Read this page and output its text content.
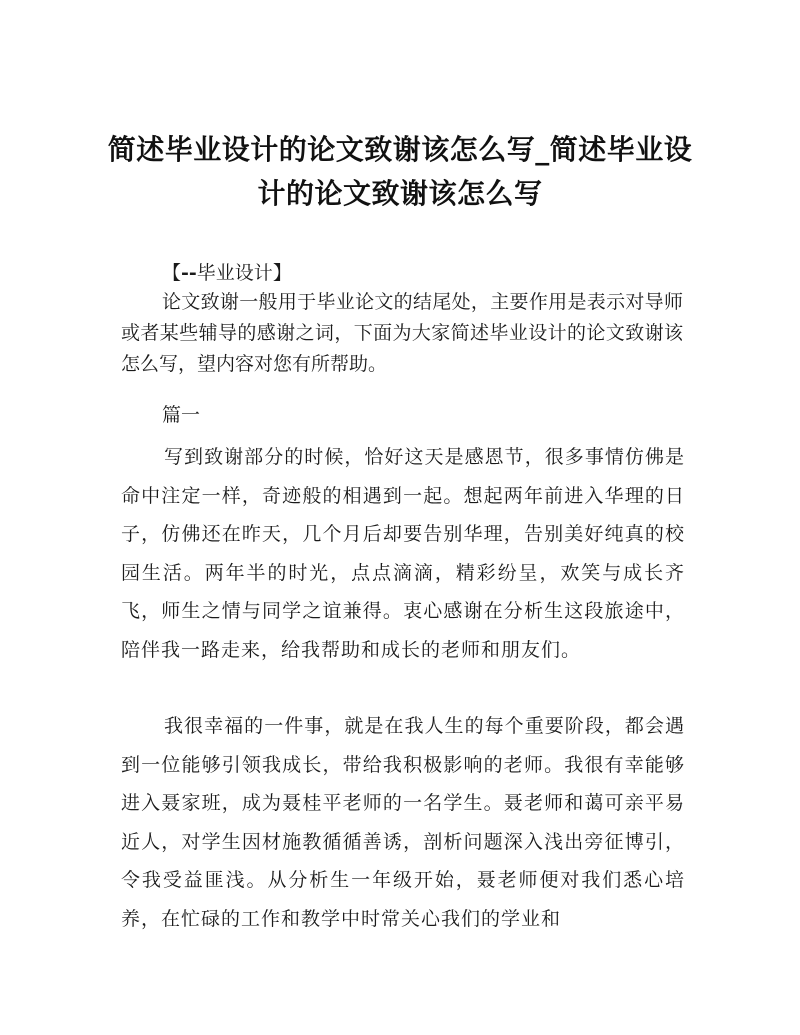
简述毕业设计的论文致谢该怎么写_简述毕业设计的论文致谢该怎么写
【--毕业设计】

论文致谢一般用于毕业论文的结尾处，主要作用是表示对导师或者某些辅导的感谢之词，下面为大家简述毕业设计的论文致谢该怎么写，望内容对您有所帮助。

篇一

写到致谢部分的时候，恰好这天是感恩节，很多事情仿佛是命中注定一样，奇迹般的相遇到一起。想起两年前进入华理的日子，仿佛还在昨天，几个月后却要告别华理，告别美好纯真的校园生活。两年半的时光，点点滴滴，精彩纷呈，欢笑与成长齐飞，师生之情与同学之谊兼得。衷心感谢在分析生这段旅途中，陪伴我一路走来，给我帮助和成长的老师和朋友们。

我很幸福的一件事，就是在我人生的每个重要阶段，都会遇到一位能够引领我成长，带给我积极影响的老师。我很有幸能够进入聂家班，成为聂桂平老师的一名学生。聂老师和蔼可亲平易近人，对学生因材施教循循善诱，剖析问题深入浅出旁征博引，令我受益匪浅。从分析生一年级开始，聂老师便对我们悉心培养，在忙碌的工作和教学中时常关心我们的学业和
